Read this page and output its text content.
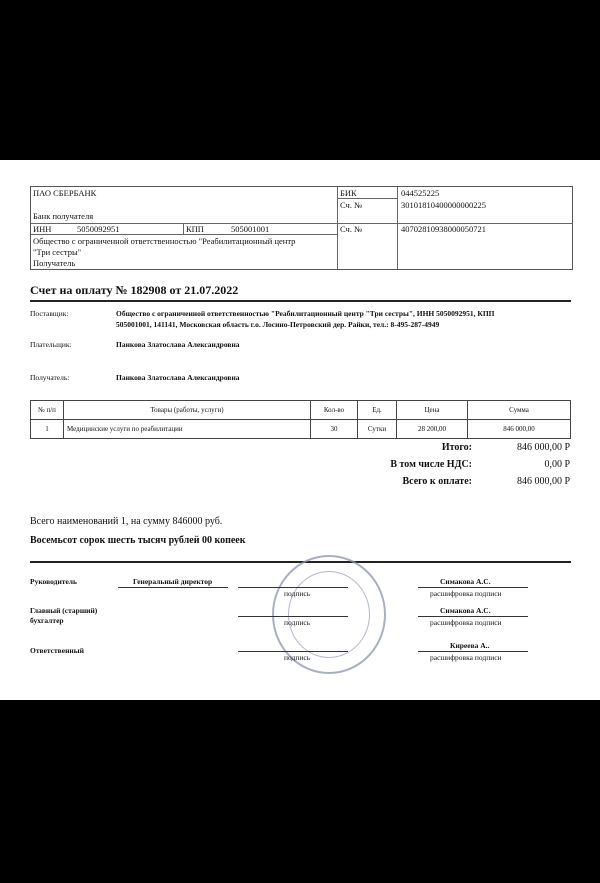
ПАО СБЕРБАНК
Банк получателя
БИК	044525225
Сч. №	30101810400000000225
ИНН	5050092951	КПП	505001001	Сч. №	40702810938000050721
Общество с ограниченной ответственностью "Реабилитационный центр
"Три сестры"
Получатель
Счет на оплату № 182908 от 21.07.2022
Поставщик:	Общество с ограниченной ответственностью "Реабилитационный центр "Три сестры", ИНН 5050092951, КПП
505001001, 141141, Московская область г.о. Лосино-Петровский дер. Райки, тел.: 8-495-287-4949
Плательщик:	Панкова Златослава Александровна
Получатель:	Панкова Златослава Александровна
№ п/п	Товары (работы, услуги)	Кол-во	Ед.	Цена	Сумма
1	Медицинские услуги по реабилитации	30	Сутки	28 200,00	846 000,00
Итого:	846 000,00 Р
В том числе НДС:	0,00 Р
Всего к оплате:	846 000,00 Р
Всего наименований 1, на сумму 846000 руб.
Восемьсот сорок шесть тысяч рублей 00 копеек
Руководитель	Генеральный директор	Симакова А.С.
подпись	расшифровка подписи
Главный (старший)
бухгалтер
Симакова А.С.
подпись	расшифровка подписи
Ответственный
Киреева А..
подпись	расшифровка подписи
